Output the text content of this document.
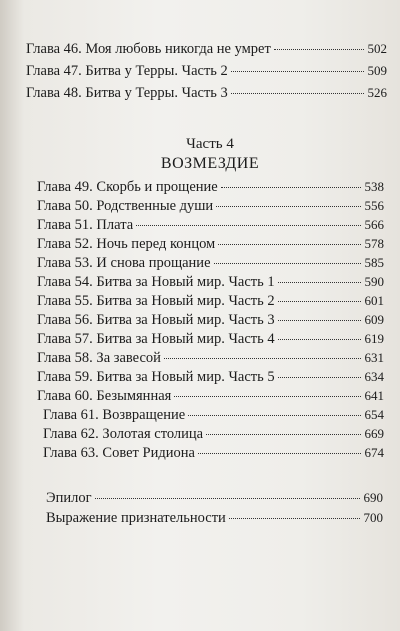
Глава 46. Моя любовь никогда не умрет	502
Глава 47. Битва у Терры. Часть 2	509
Глава 48. Битва у Терры. Часть 3	526
Часть 4
ВОЗМЕЗДИЕ
Глава 49. Скорбь и прощение	538
Глава 50. Родственные души	556
Глава 51. Плата	566
Глава 52. Ночь перед концом	578
Глава 53. И снова прощание	585
Глава 54. Битва за Новый мир. Часть 1	590
Глава 55. Битва за Новый мир. Часть 2	601
Глава 56. Битва за Новый мир. Часть 3	609
Глава 57. Битва за Новый мир. Часть 4	619
Глава 58. За завесой	631
Глава 59. Битва за Новый мир. Часть 5	634
Глава 60. Безымянная	641
Глава 61. Возвращение	654
Глава 62. Золотая столица	669
Глава 63. Совет Ридиона	674
Эпилог	690
Выражение признательности	700
